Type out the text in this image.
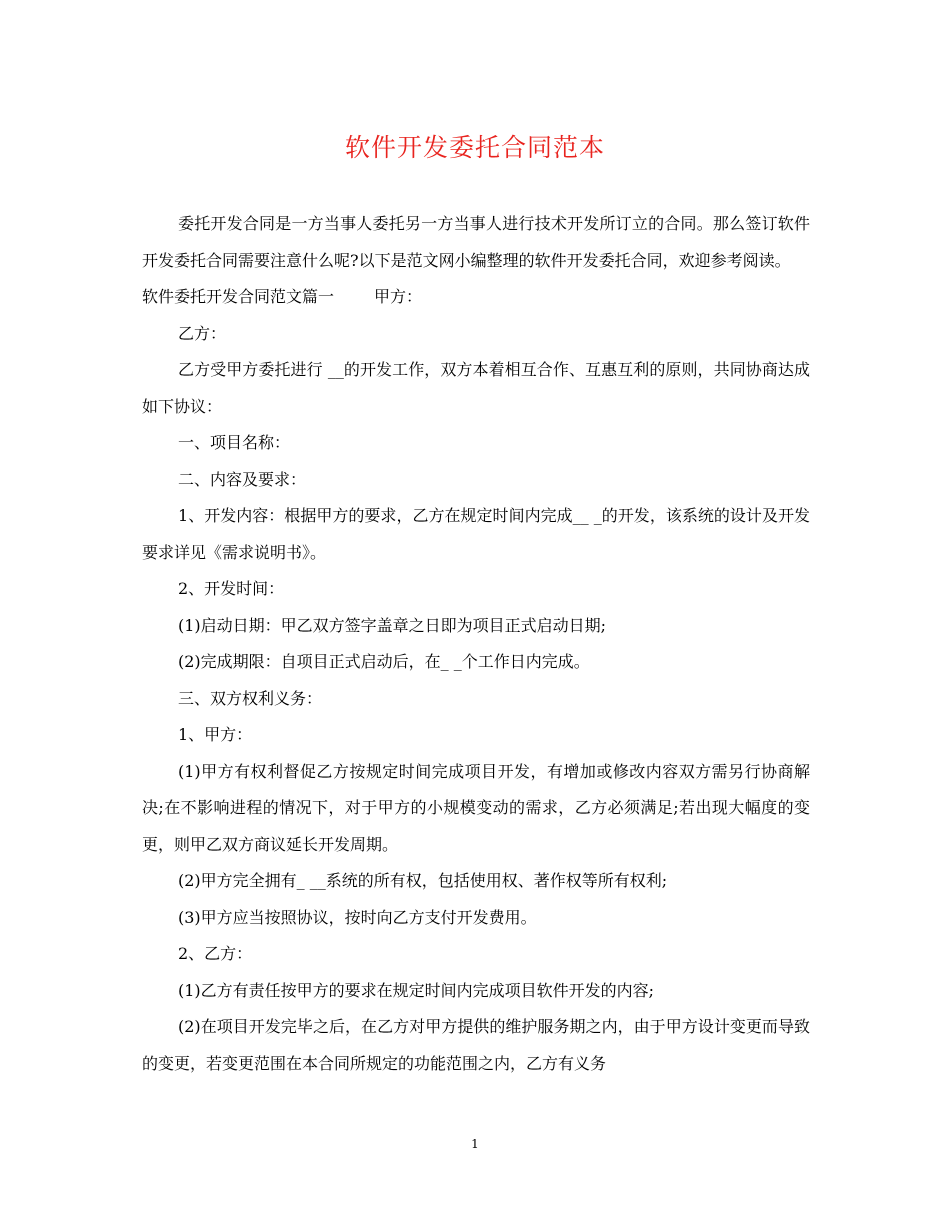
软件开发委托合同范本

委托开发合同是一方当事人委托另一方当事人进行技术开发所订立的合同。那么签订软件开发委托合同需要注意什么呢?以下是范文网小编整理的软件开发委托合同，欢迎参考阅读。

软件委托开发合同范文篇一	甲方：

乙方：

乙方受甲方委托进行 __的开发工作，双方本着相互合作、互惠互利的原则，共同协商达成如下协议：

一、项目名称：

二、内容及要求：

1、开发内容：根据甲方的要求，乙方在规定时间内完成__ _的开发，该系统的设计及开发要求详见《需求说明书》。

2、开发时间：

(1)启动日期：甲乙双方签字盖章之日即为项目正式启动日期;

(2)完成期限：自项目正式启动后，在_ _个工作日内完成。

三、双方权利义务：

1、甲方：

(1)甲方有权利督促乙方按规定时间完成项目开发，有增加或修改内容双方需另行协商解决;在不影响进程的情况下，对于甲方的小规模变动的需求，乙方必须满足;若出现大幅度的变更，则甲乙双方商议延长开发周期。

(2)甲方完全拥有_ __系统的所有权，包括使用权、著作权等所有权利;

(3)甲方应当按照协议，按时向乙方支付开发费用。

2、乙方：

(1)乙方有责任按甲方的要求在规定时间内完成项目软件开发的内容;

(2)在项目开发完毕之后，在乙方对甲方提供的维护服务期之内，由于甲方设计变更而导致的变更，若变更范围在本合同所规定的功能范围之内，乙方有义务

1
